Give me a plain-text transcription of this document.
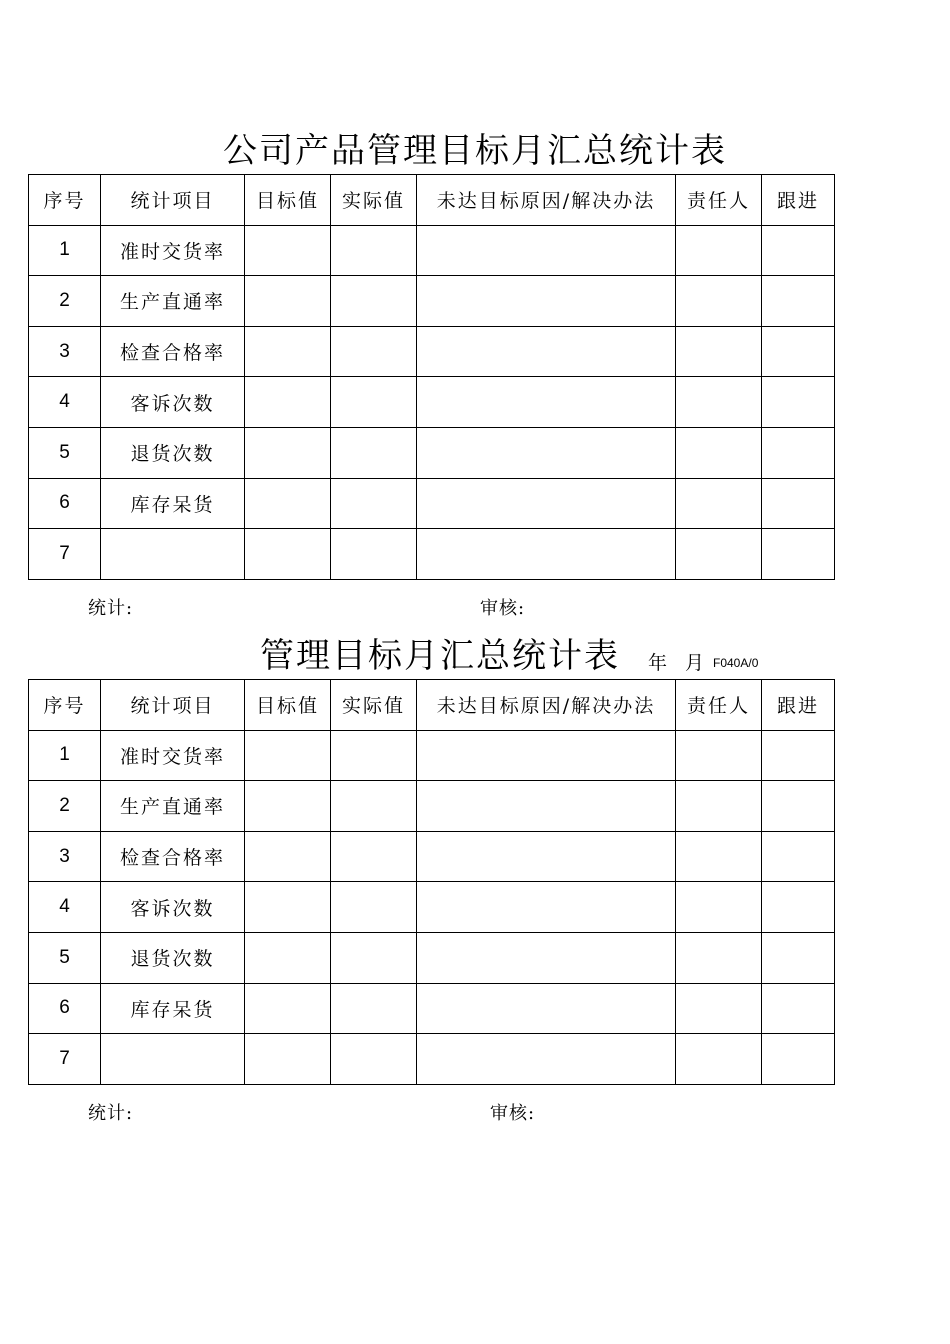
公司产品管理目标月汇总统计表
序号	统计项目	目标值	实际值	未达目标原因/解决办法	责任人	跟进
1	准时交货率					
2	生产直通率					
3	检查合格率					
4	客诉次数					
5	退货次数					
6	库存呆货					
7						
统计:	审核:
管理目标月汇总统计表 年 月 F040A/0
序号	统计项目	目标值	实际值	未达目标原因/解决办法	责任人	跟进
1	准时交货率					
2	生产直通率					
3	检查合格率					
4	客诉次数					
5	退货次数					
6	库存呆货					
7						
统计:	审核:
